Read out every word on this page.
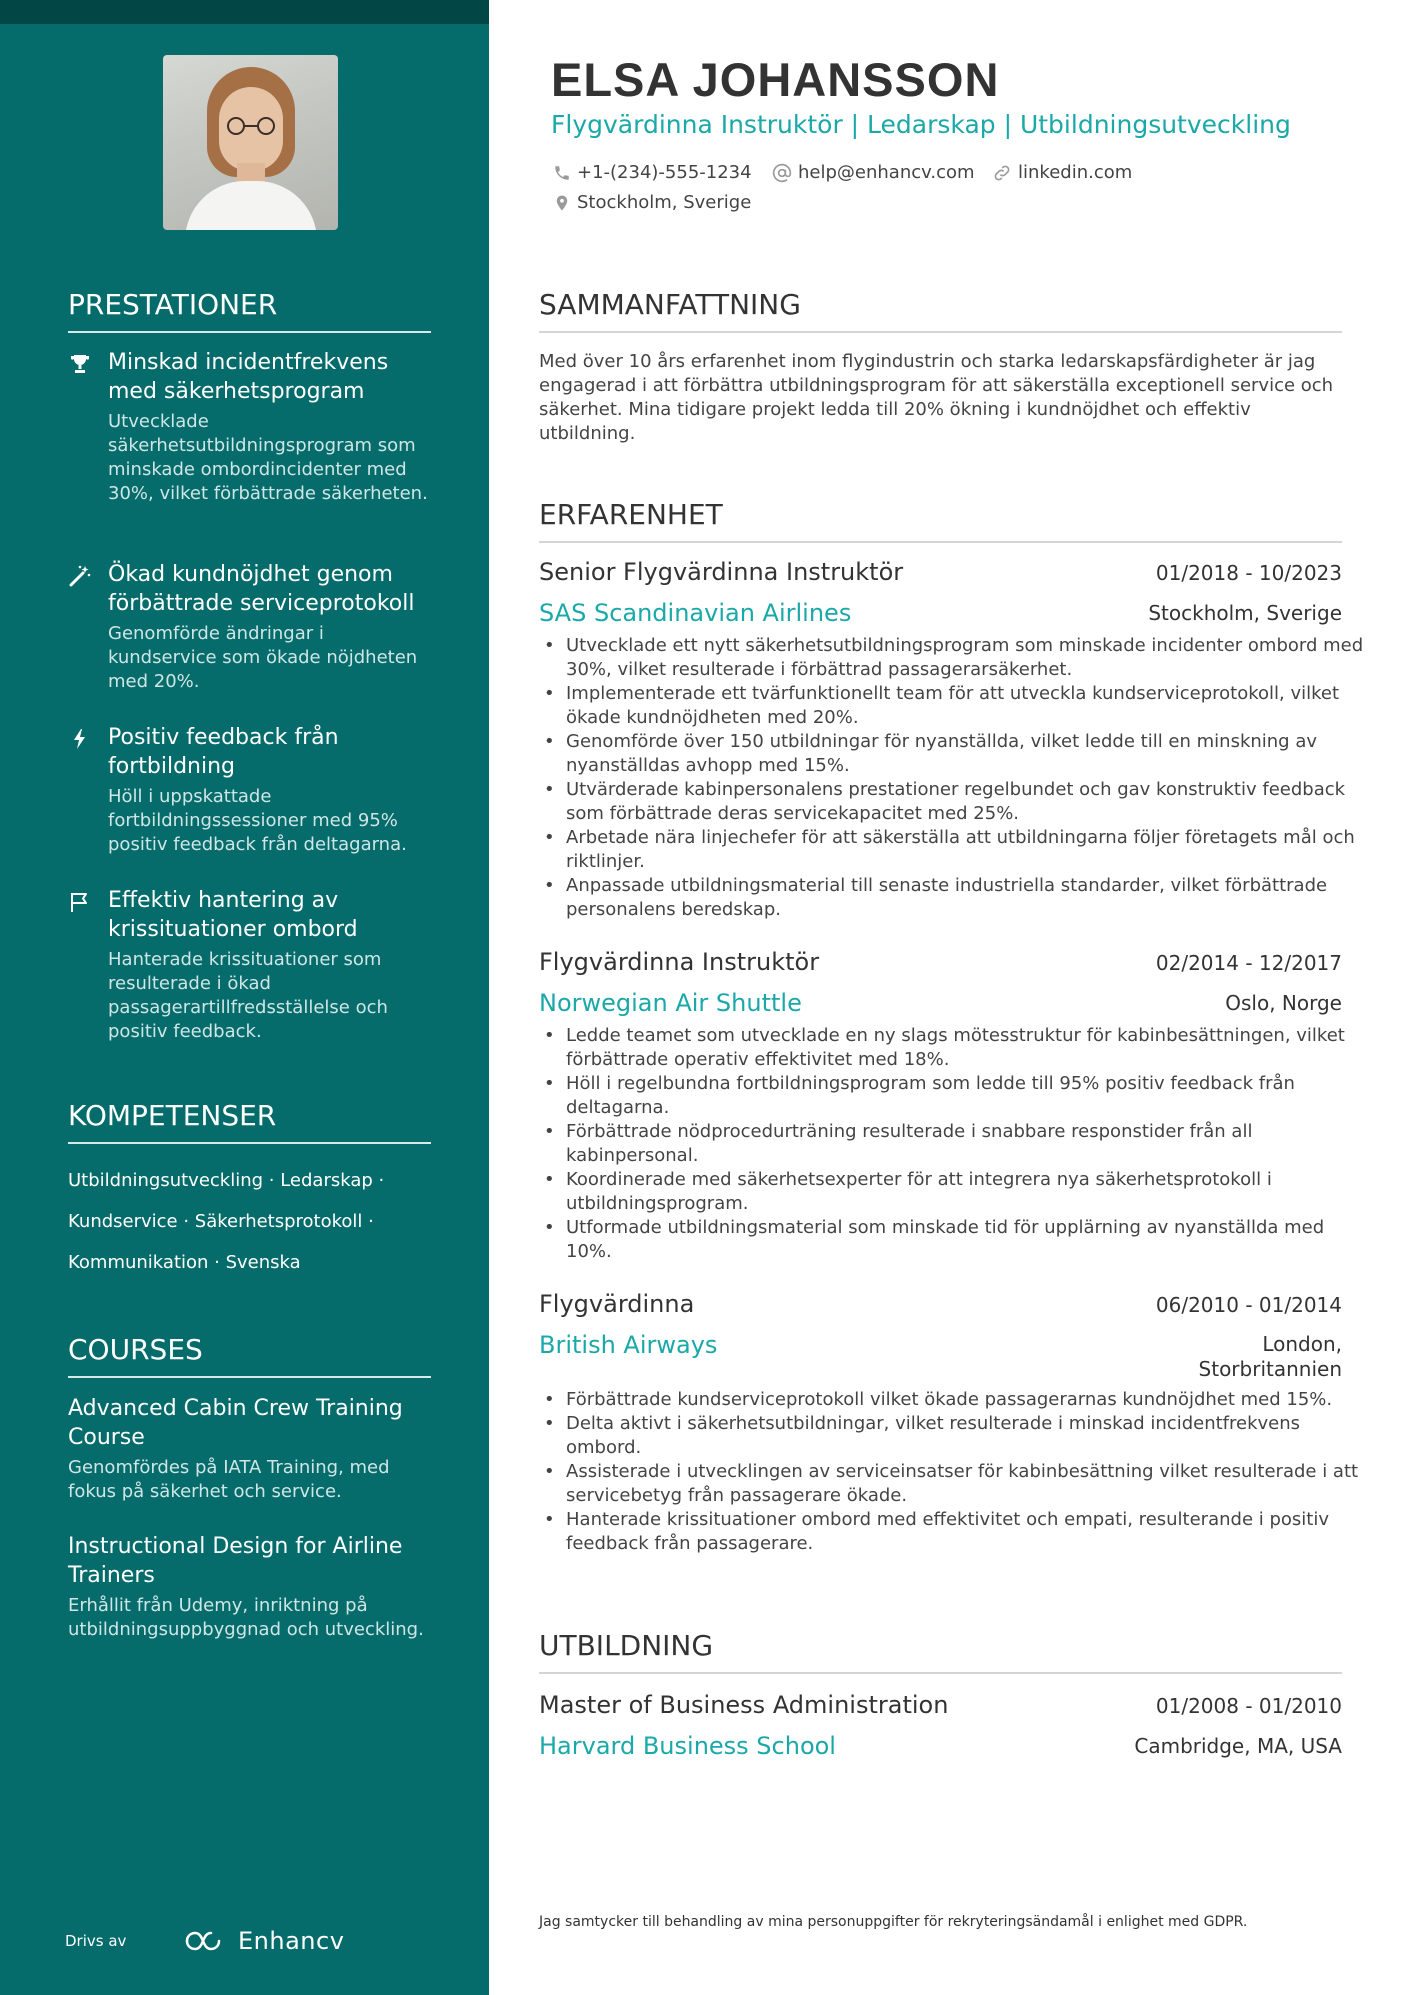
PRESTATIONER
Minskad incidentfrekvens med säkerhetsprogram
Utvecklade säkerhetsutbildningsprogram som minskade ombordincidenter med 30%, vilket förbättrade säkerheten.
Ökad kundnöjdhet genom förbättrade serviceprotokoll
Genomförde ändringar i kundservice som ökade nöjdheten med 20%.
Positiv feedback från fortbildning
Höll i uppskattade fortbildningssessioner med 95% positiv feedback från deltagarna.
Effektiv hantering av krissituationer ombord
Hanterade krissituationer som resulterade i ökad passagerartillfredsställelse och positiv feedback.
KOMPETENSER
Utbildningsutveckling · Ledarskap ·
Kundservice · Säkerhetsprotokoll ·
Kommunikation · Svenska
COURSES
Advanced Cabin Crew Training Course
Genomfördes på IATA Training, med fokus på säkerhet och service.
Instructional Design for Airline Trainers
Erhållit från Udemy, inriktning på utbildningsuppbyggnad och utveckling.
Drivs av	Enhancv
ELSA JOHANSSON
Flygvärdinna Instruktör | Ledarskap | Utbildningsutveckling
+1-(234)-555-1234	help@enhancv.com linkedin.com
Stockholm, Sverige
SAMMANFATTNING
Med över 10 års erfarenhet inom flygindustrin och starka ledarskapsfärdigheter är jag engagerad i att förbättra utbildningsprogram för att säkerställa exceptionell service och säkerhet. Mina tidigare projekt ledda till 20% ökning i kundnöjdhet och effektiv utbildning.
ERFARENHET
Senior Flygvärdinna Instruktör	01/2018 - 10/2023
SAS Scandinavian Airlines	Stockholm, Sverige
• Utvecklade ett nytt säkerhetsutbildningsprogram som minskade incidenter ombord med 30%, vilket resulterade i förbättrad passagerarsäkerhet.
• Implementerade ett tvärfunktionellt team för att utveckla kundserviceprotokoll, vilket ökade kundnöjdheten med 20%.
• Genomförde över 150 utbildningar för nyanställda, vilket ledde till en minskning av nyanställdas avhopp med 15%.
• Utvärderade kabinpersonalens prestationer regelbundet och gav konstruktiv feedback som förbättrade deras servicekapacitet med 25%.
• Arbetade nära linjechefer för att säkerställa att utbildningarna följer företagets mål och riktlinjer.
• Anpassade utbildningsmaterial till senaste industriella standarder, vilket förbättrade personalens beredskap.
Flygvärdinna Instruktör	02/2014 - 12/2017
Norwegian Air Shuttle	Oslo, Norge
• Ledde teamet som utvecklade en ny slags mötesstruktur för kabinbesättningen, vilket förbättrade operativ effektivitet med 18%.
• Höll i regelbundna fortbildningsprogram som ledde till 95% positiv feedback från deltagarna.
• Förbättrade nödprocedurträning resulterade i snabbare responstider från all kabinpersonal.
• Koordinerade med säkerhetsexperter för att integrera nya säkerhetsprotokoll i utbildningsprogram.
• Utformade utbildningsmaterial som minskade tid för upplärning av nyanställda med 10%.
Flygvärdinna	06/2010 - 01/2014
British Airways	London,
Storbritannien
• Förbättrade kundserviceprotokoll vilket ökade passagerarnas kundnöjdhet med 15%.
• Delta aktivt i säkerhetsutbildningar, vilket resulterade i minskad incidentfrekvens ombord.
• Assisterade i utvecklingen av serviceinsatser för kabinbesättning vilket resulterade i att servicebetyg från passagerare ökade.
• Hanterade krissituationer ombord med effektivitet och empati, resulterande i positiv feedback från passagerare.
UTBILDNING
Master of Business Administration	01/2008 - 01/2010
Harvard Business School	Cambridge, MA, USA
Jag samtycker till behandling av mina personuppgifter för rekryteringsändamål i enlighet med GDPR.
